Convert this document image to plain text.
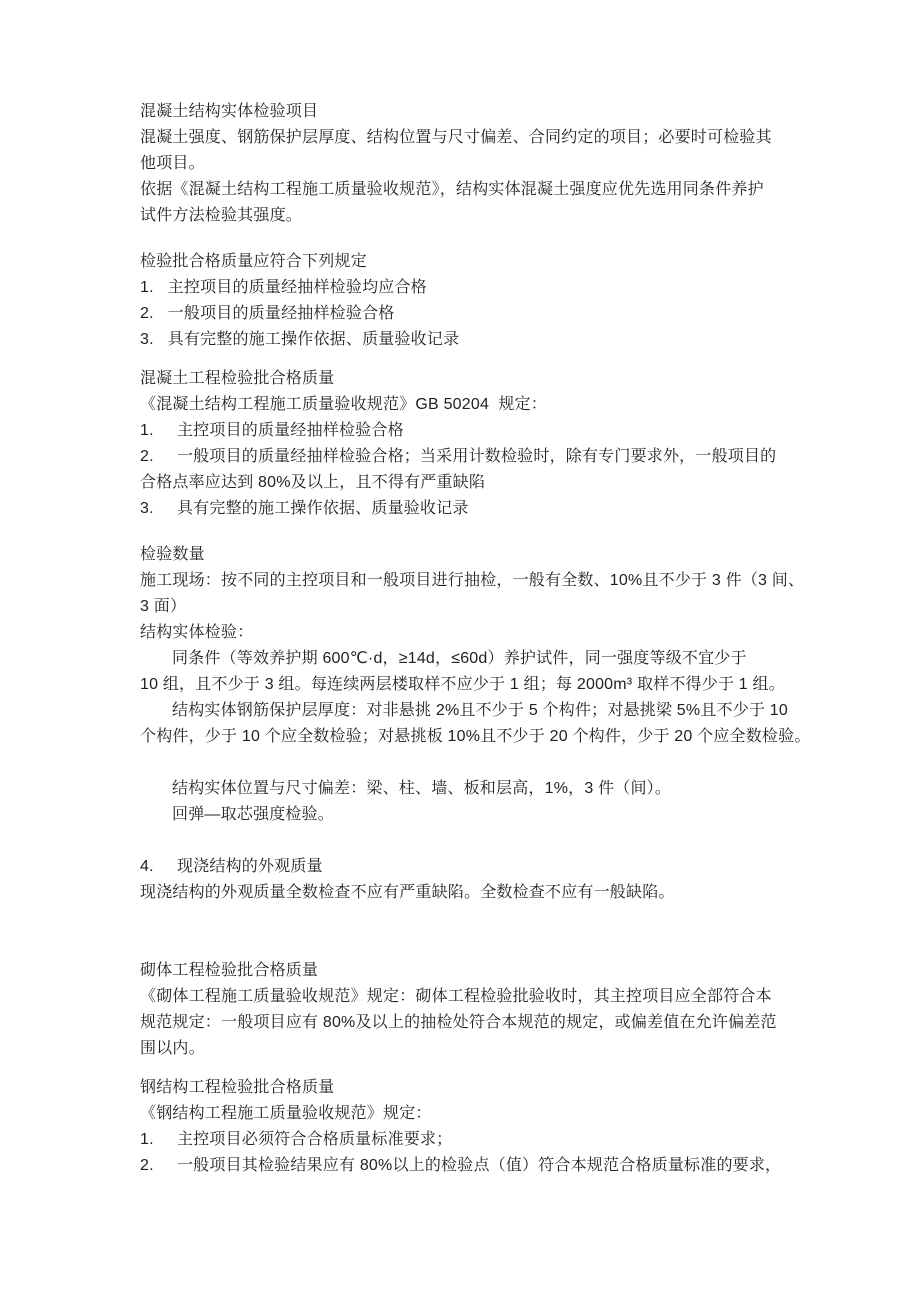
混凝土结构实体检验项目
混凝土强度、钢筋保护层厚度、结构位置与尺寸偏差、合同约定的项目；必要时可检验其
他项目。
依据《混凝土结构工程施工质量验收规范》，结构实体混凝土强度应优先选用同条件养护
试件方法检验其强度。
检验批合格质量应符合下列规定
1.   主控项目的质量经抽样检验均应合格
2.   一般项目的质量经抽样检验合格
3.   具有完整的施工操作依据、质量验收记录
混凝土工程检验批合格质量
《混凝土结构工程施工质量验收规范》GB 50204  规定：
1.     主控项目的质量经抽样检验合格
2.     一般项目的质量经抽样检验合格；当采用计数检验时，除有专门要求外，一般项目的
合格点率应达到 80%及以上，且不得有严重缺陷
3.     具有完整的施工操作依据、质量验收记录
检验数量
施工现场：按不同的主控项目和一般项目进行抽检，一般有全数、10%且不少于 3 件（3 间、
3 面）
结构实体检验：
同条件（等效养护期 600℃·d，≥14d，≤60d）养护试件，同一强度等级不宜少于
10 组，且不少于 3 组。每连续两层楼取样不应少于 1 组；每 2000m³ 取样不得少于 1 组。
结构实体钢筋保护层厚度：对非悬挑 2%且不少于 5 个构件；对悬挑梁 5%且不少于 10
个构件，少于 10 个应全数检验；对悬挑板 10%且不少于 20 个构件，少于 20 个应全数检验。
结构实体位置与尺寸偏差：梁、柱、墙、板和层高，1%，3 件（间）。
回弹—取芯强度检验。
4.     现浇结构的外观质量
现浇结构的外观质量全数检查不应有严重缺陷。全数检查不应有一般缺陷。
砌体工程检验批合格质量
《砌体工程施工质量验收规范》规定：砌体工程检验批验收时，其主控项目应全部符合本
规范规定：一般项目应有 80%及以上的抽检处符合本规范的规定，或偏差值在允许偏差范
围以内。
钢结构工程检验批合格质量
《钢结构工程施工质量验收规范》规定：
1.     主控项目必须符合合格质量标准要求；
2.     一般项目其检验结果应有 80%以上的检验点（值）符合本规范合格质量标准的要求，
